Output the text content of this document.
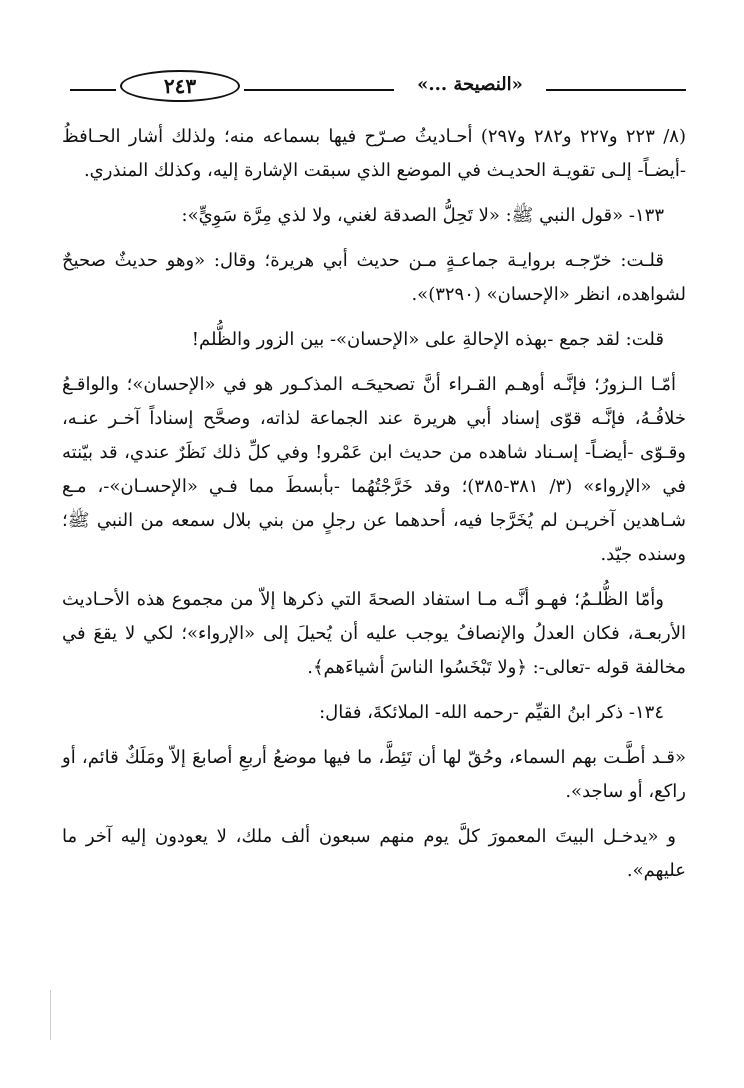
٢٤٣	«النصيحة ...»

(٨/ ٢٢٣ و٢٢٧ و٢٨٢ و٢٩٧) أحـاديثُ صـرّح فيها بسماعه منه؛ ولذلك أشار الحـافظُ -أيضـاً- إلـى تقويـة الحديـث في الموضع الذي سبقت الإشارة إليه، وكذلك المنذري.

١٣٣- «قول النبي ﷺ: «لا تَحِلُّ الصدقة لغني، ولا لذي مِرَّة سَوِيٍّ»:

قلـت: خرّجـه بروايـة جماعـةٍ مـن حديث أبي هريرة؛ وقال: «وهو حديثٌ صحيحٌ لشواهده، انظر «الإحسان» (٣٢٩٠)».

قلت: لقد جمع -بهذه الإحالةِ على «الإحسان»- بين الزور والظُّلم!

أمّـا الـزورُ؛ فإنَّـه أوهـم القـراء أنَّ تصحيحَـه المذكـور هو في «الإحسان»؛ والواقـعُ خلافُـهُ، فإنَّـه قوّى إسناد أبي هريرة عند الجماعة لذاته، وصحَّح إسناداً آخـر عنـه، وقـوّى -أيضـاً- إسـناد شاهده من حديث ابن عَمْرو! وفي كلِّ ذلك نَظَرٌ عندي، قد بيّنته في «الإرواء» (٣/ ٣٨١-٣٨٥)؛ وقد خَرَّجْتُهُما -بأبسطَ مما فـي «الإحسـان»-، مـع شـاهدين آخريـن لم يُخَرَّجا فيه، أحدهما عن رجلٍ من بني بلال سمعه من النبي ﷺ؛ وسنده جيّد.

وأمّا الظُّلـمُ؛ فهـو أنَّـه مـا استفاد الصحةَ التي ذكرها إلاّ من مجموع هذه الأحـاديث الأربعـة، فكان العدلُ والإنصافُ يوجب عليه أن يُحيلَ إلى «الإرواء»؛ لكي لا يقعَ في مخالفة قوله -تعالى-: ﴿ولا تَبْخَسُوا الناسَ أشياءَهم﴾.

١٣٤- ذكر ابنُ القيِّم -رحمه الله- الملائكةَ، فقال:

«قـد أطَّـت بهم السماء، وحُقّ لها أن تَئِطَّ، ما فيها موضعُ أربعِ أصابعَ إلاّ ومَلَكٌ قائم، أو راكع، أو ساجد».

و «يدخـل البيتَ المعمورَ كلَّ يوم منهم سبعون ألف ملك، لا يعودون إليه آخر ما عليهم».
